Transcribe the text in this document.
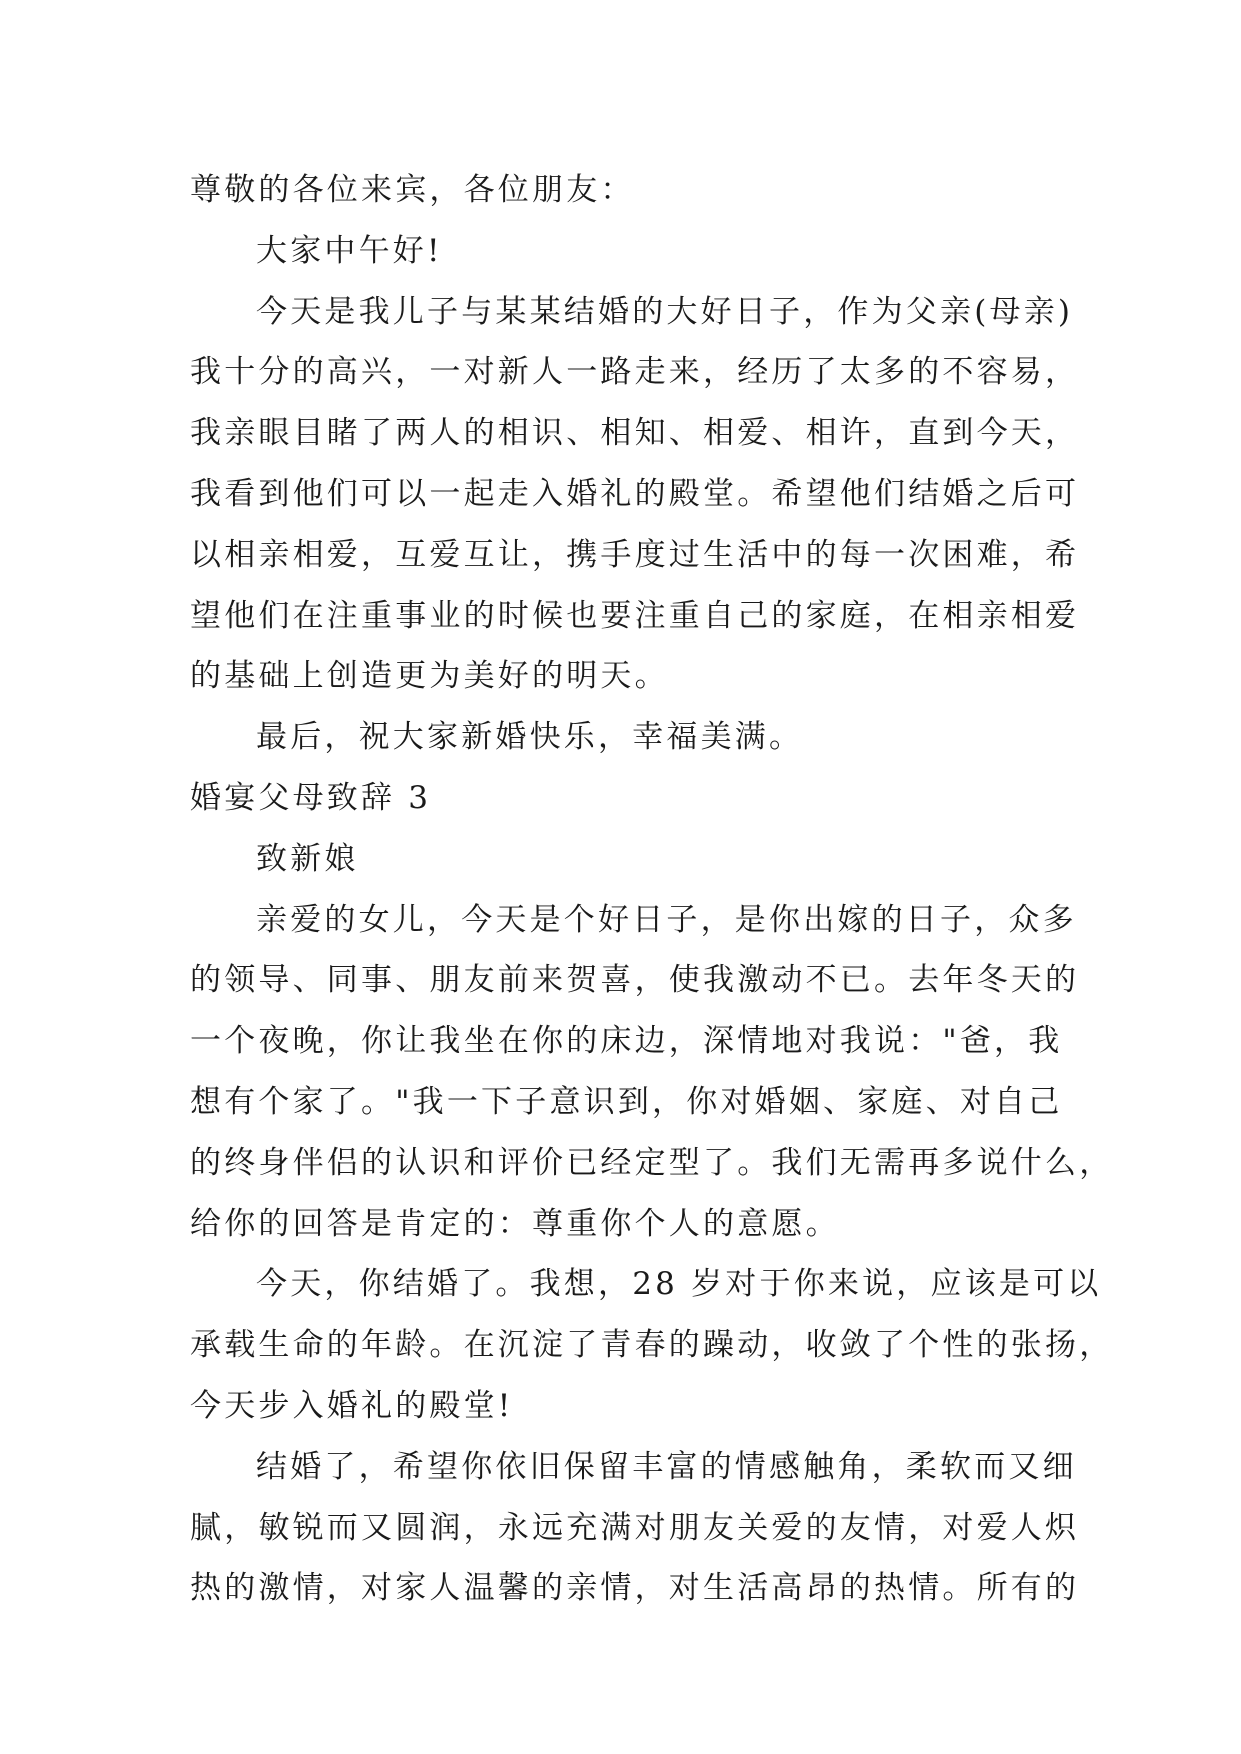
尊敬的各位来宾，各位朋友：
大家中午好!
今天是我儿子与某某结婚的大好日子，作为父亲(母亲)
我十分的高兴，一对新人一路走来，经历了太多的不容易，
我亲眼目睹了两人的相识、相知、相爱、相许，直到今天，
我看到他们可以一起走入婚礼的殿堂。希望他们结婚之后可
以相亲相爱，互爱互让，携手度过生活中的每一次困难，希
望他们在注重事业的时候也要注重自己的家庭，在相亲相爱
的基础上创造更为美好的明天。
最后，祝大家新婚快乐，幸福美满。
婚宴父母致辞 3
致新娘
亲爱的女儿，今天是个好日子，是你出嫁的日子，众多
的领导、同事、朋友前来贺喜，使我激动不已。去年冬天的
一个夜晚，你让我坐在你的床边，深情地对我说："爸，我
想有个家了。"我一下子意识到，你对婚姻、家庭、对自己
的终身伴侣的认识和评价已经定型了。我们无需再多说什么，
给你的回答是肯定的：尊重你个人的意愿。
今天，你结婚了。我想，28 岁对于你来说，应该是可以
承载生命的年龄。在沉淀了青春的躁动，收敛了个性的张扬，
今天步入婚礼的殿堂!
结婚了，希望你依旧保留丰富的情感触角，柔软而又细
腻，敏锐而又圆润，永远充满对朋友关爱的友情，对爱人炽
热的激情，对家人温馨的亲情，对生活高昂的热情。所有的
